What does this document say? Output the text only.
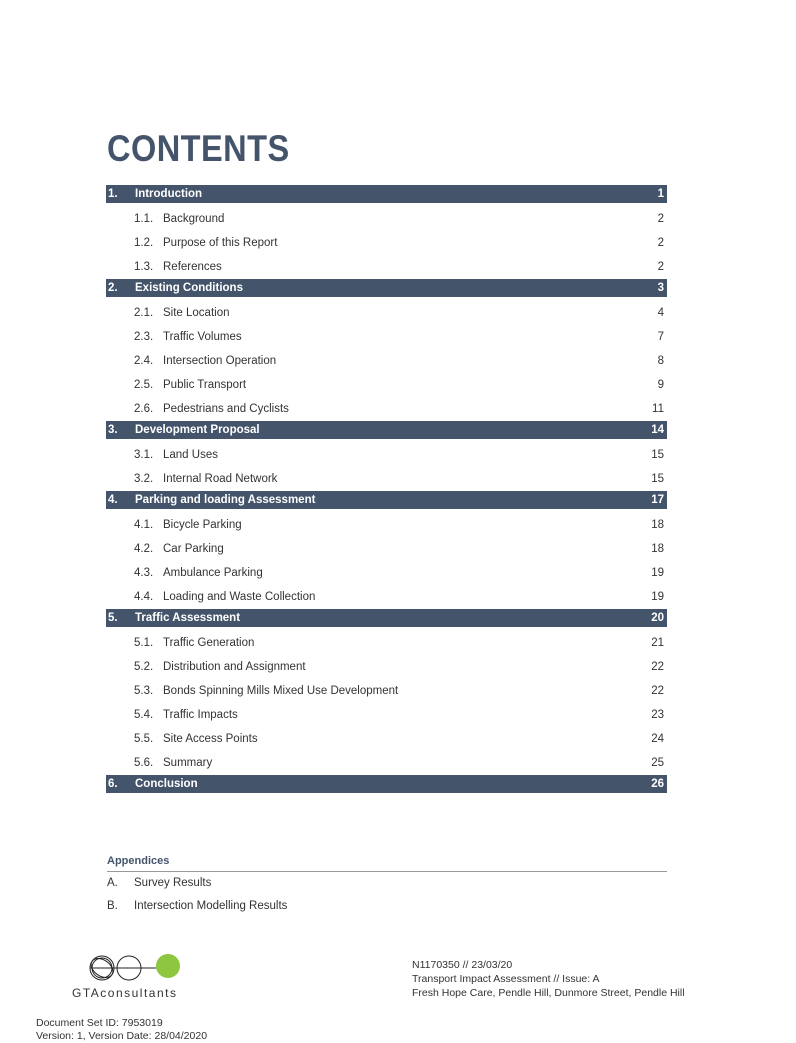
CONTENTS
1. Introduction	1
1.1. Background	2
1.2. Purpose of this Report	2
1.3. References	2
2. Existing Conditions	3
2.1. Site Location	4
2.3. Traffic Volumes	7
2.4. Intersection Operation	8
2.5. Public Transport	9
2.6. Pedestrians and Cyclists	11
3. Development Proposal	14
3.1. Land Uses	15
3.2. Internal Road Network	15
4. Parking and loading Assessment	17
4.1. Bicycle Parking	18
4.2. Car Parking	18
4.3. Ambulance Parking	19
4.4. Loading and Waste Collection	19
5. Traffic Assessment	20
5.1. Traffic Generation	21
5.2. Distribution and Assignment	22
5.3. Bonds Spinning Mills Mixed Use Development	22
5.4. Traffic Impacts	23
5.5. Site Access Points	24
5.6. Summary	25
6. Conclusion	26
Appendices
A. Survey Results
B. Intersection Modelling Results
GTAconsultants
N1170350 // 23/03/20
Transport Impact Assessment // Issue: A
Fresh Hope Care, Pendle Hill, Dunmore Street, Pendle Hill
Document Set ID: 7953019
Version: 1, Version Date: 28/04/2020
